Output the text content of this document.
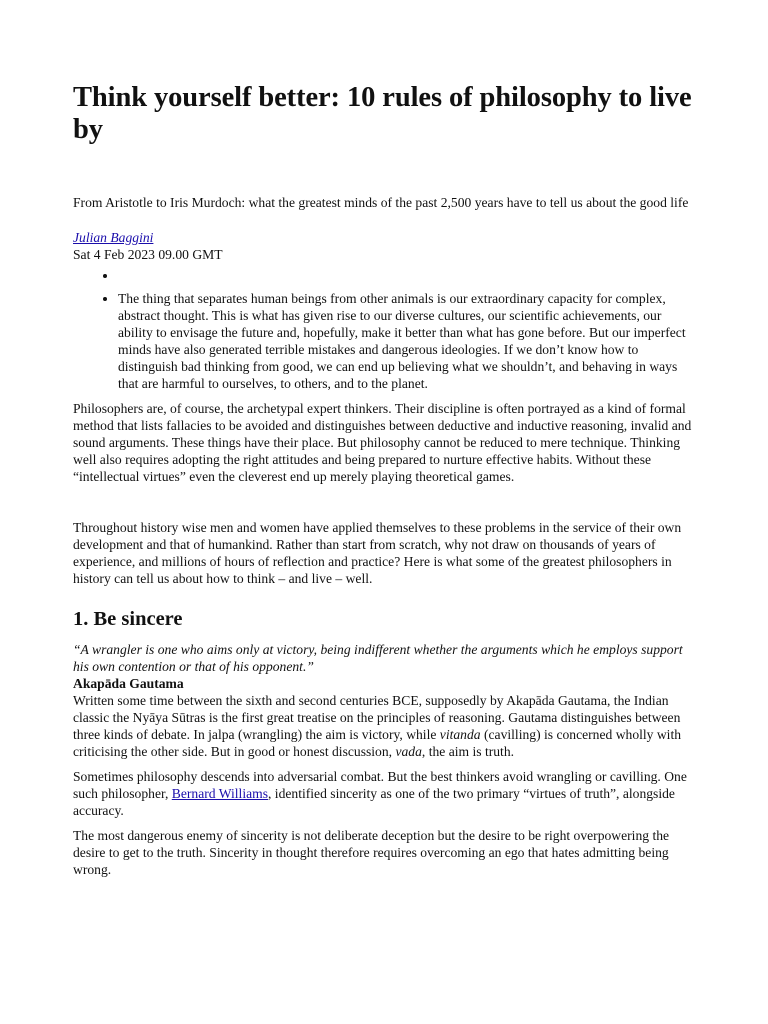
Think yourself better: 10 rules of philosophy to live by

From Aristotle to Iris Murdoch: what the greatest minds of the past 2,500 years have to tell us about the good life

Julian Baggini
Sat 4 Feb 2023 09.00 GMT
•
• The thing that separates human beings from other animals is our extraordinary capacity for complex, abstract thought. This is what has given rise to our diverse cultures, our scientific achievements, our ability to envisage the future and, hopefully, make it better than what has gone before. But our imperfect minds have also generated terrible mistakes and dangerous ideologies. If we don’t know how to distinguish bad thinking from good, we can end up believing what we shouldn’t, and behaving in ways that are harmful to ourselves, to others, and to the planet.

Philosophers are, of course, the archetypal expert thinkers. Their discipline is often portrayed as a kind of formal method that lists fallacies to be avoided and distinguishes between deductive and inductive reasoning, invalid and sound arguments. These things have their place. But philosophy cannot be reduced to mere technique. Thinking well also requires adopting the right attitudes and being prepared to nurture effective habits. Without these “intellectual virtues” even the cleverest end up merely playing theoretical games.

Throughout history wise men and women have applied themselves to these problems in the service of their own development and that of humankind. Rather than start from scratch, why not draw on thousands of years of experience, and millions of hours of reflection and practice? Here is what some of the greatest philosophers in history can tell us about how to think – and live – well.

1. Be sincere
“A wrangler is one who aims only at victory, being indifferent whether the arguments which he employs support his own contention or that of his opponent.”
Akapāda Gautama

Written some time between the sixth and second centuries BCE, supposedly by Akapāda Gautama, the Indian classic the Nyāya Sūtras is the first great treatise on the principles of reasoning. Gautama distinguishes between three kinds of debate. In jalpa (wrangling) the aim is victory, while vitanda (cavilling) is concerned wholly with criticising the other side. But in good or honest discussion, vada, the aim is truth.

Sometimes philosophy descends into adversarial combat. But the best thinkers avoid wrangling or cavilling. One such philosopher, Bernard Williams, identified sincerity as one of the two primary “virtues of truth”, alongside accuracy.

The most dangerous enemy of sincerity is not deliberate deception but the desire to be right overpowering the desire to get to the truth. Sincerity in thought therefore requires overcoming an ego that hates admitting being wrong.
